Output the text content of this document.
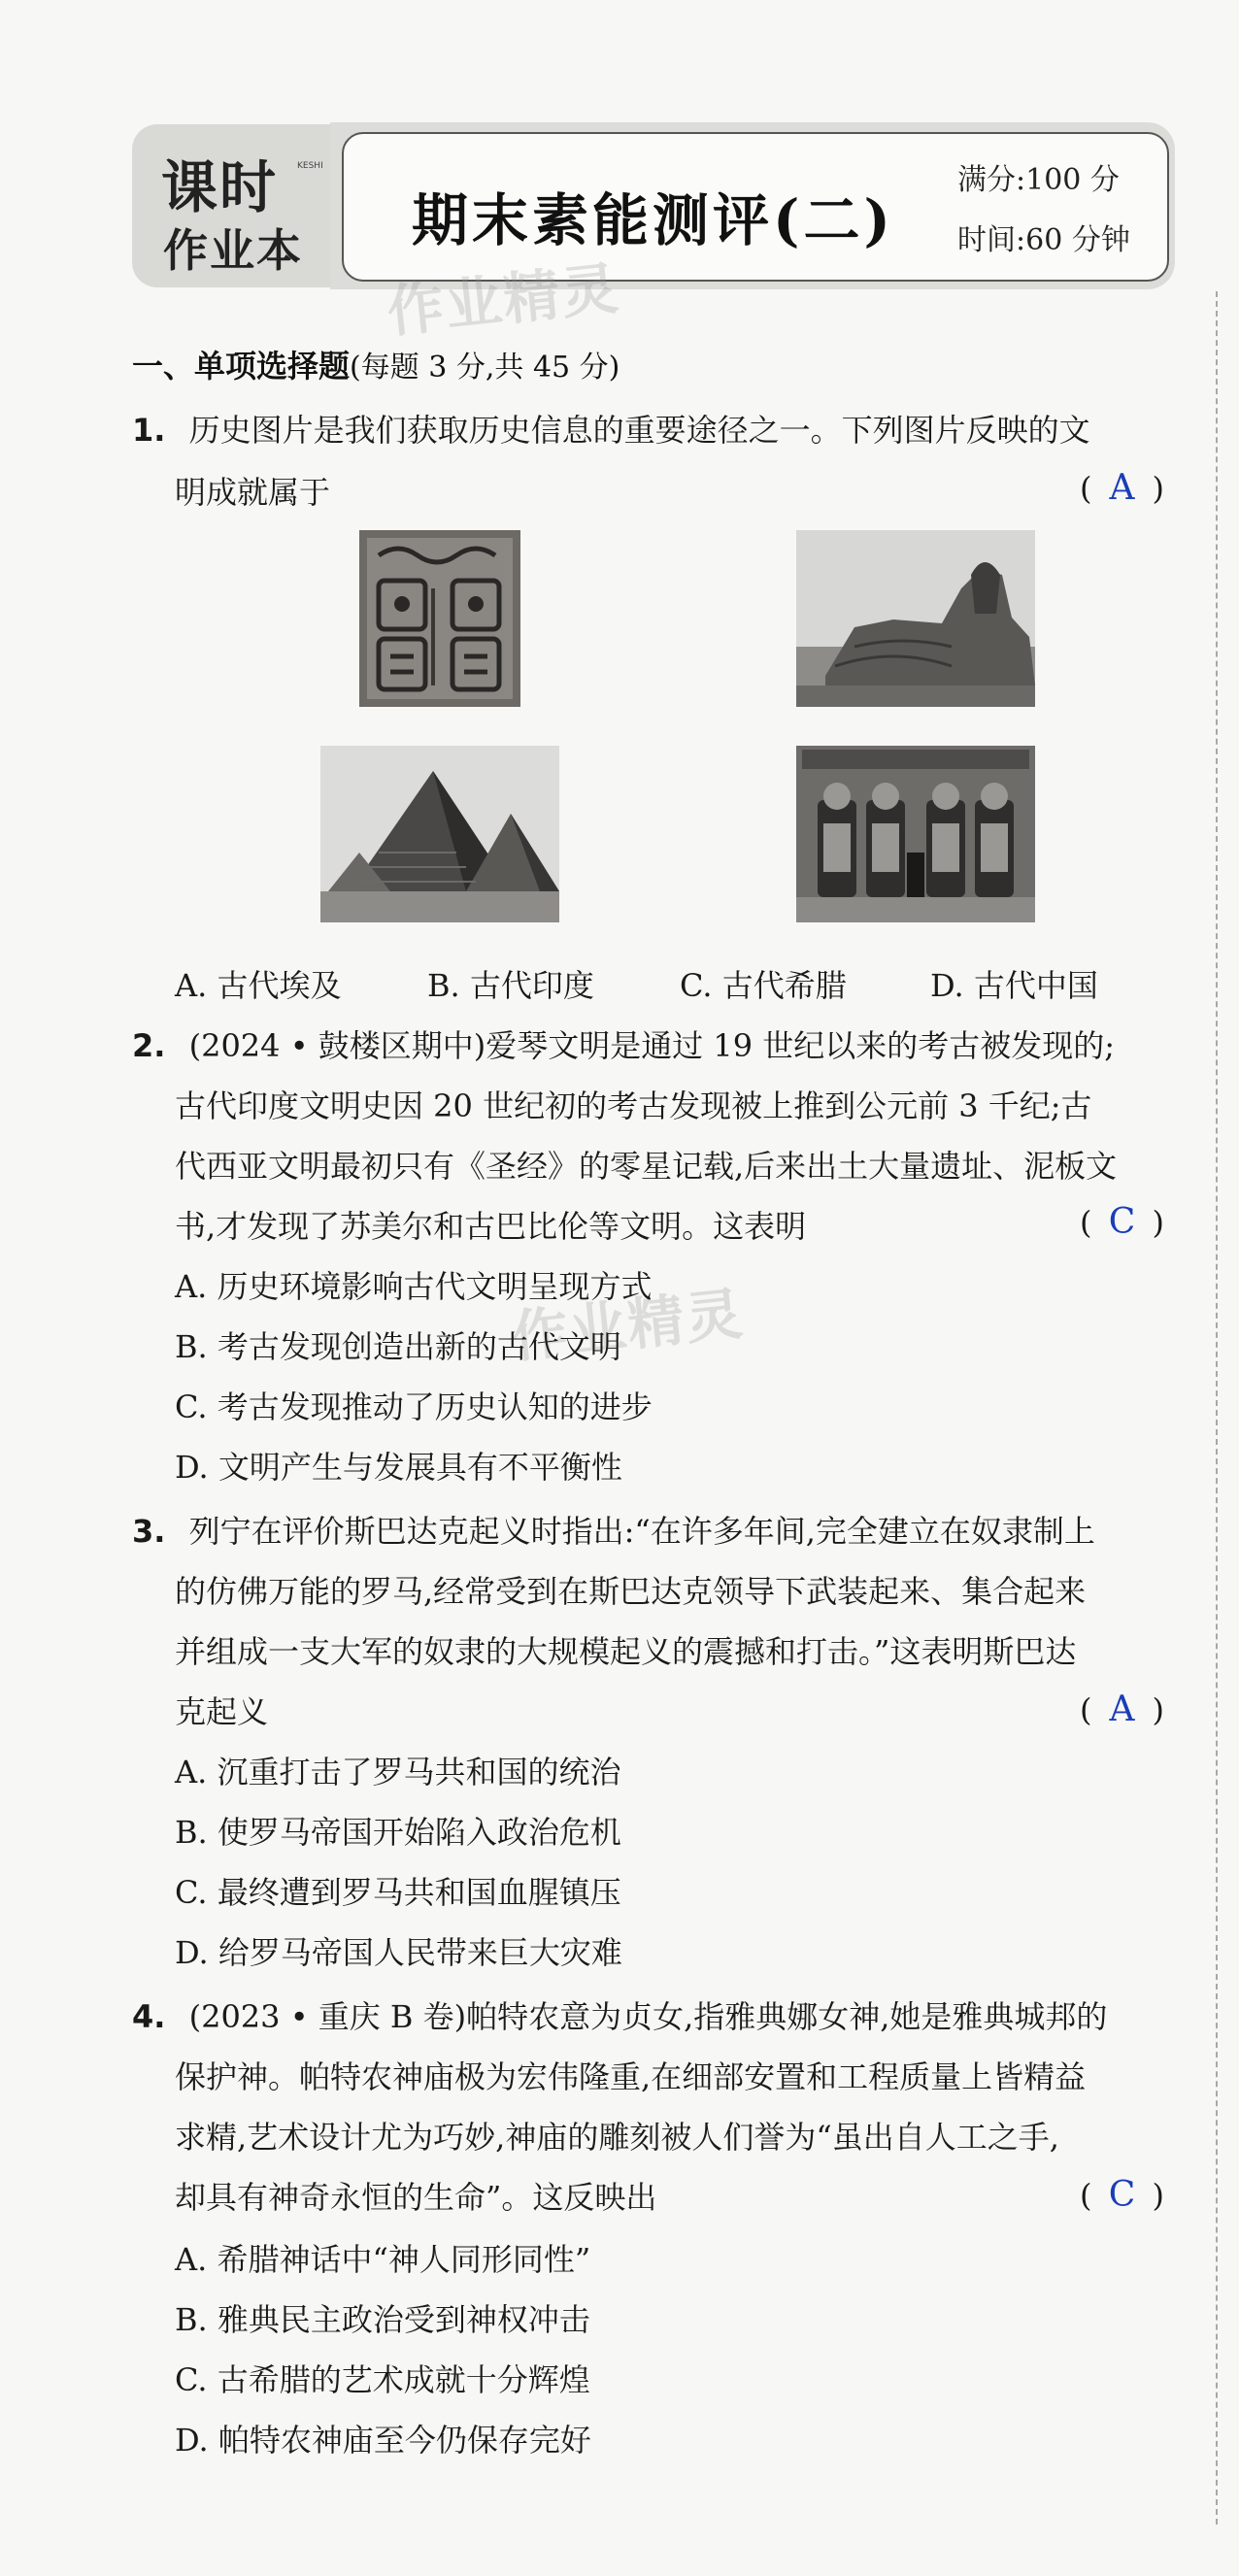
课时 KESHI
作业本 期末素能测评(二)
满分:100 分
时间:60 分钟
作业精灵
作业精灵
一、单项选择题(每题 3 分,共 45 分)
1. 历史图片是我们获取历史信息的重要途径之一。下列图片反映的文
明成就属于	( A )
A. 古代埃及	B. 古代印度	C. 古代希腊	D. 古代中国
2. (2024 • 鼓楼区期中)爱琴文明是通过 19 世纪以来的考古被发现的;
古代印度文明史因 20 世纪初的考古发现被上推到公元前 3 千纪;古
代西亚文明最初只有《圣经》的零星记载,后来出土大量遗址、泥板文
书,才发现了苏美尔和古巴比伦等文明。这表明	( C )
A. 历史环境影响古代文明呈现方式
B. 考古发现创造出新的古代文明
C. 考古发现推动了历史认知的进步
D. 文明产生与发展具有不平衡性
3. 列宁在评价斯巴达克起义时指出:“在许多年间,完全建立在奴隶制上
的仿佛万能的罗马,经常受到在斯巴达克领导下武装起来、集合起来
并组成一支大军的奴隶的大规模起义的震撼和打击。”这表明斯巴达
克起义	( A )
A. 沉重打击了罗马共和国的统治
B. 使罗马帝国开始陷入政治危机
C. 最终遭到罗马共和国血腥镇压
D. 给罗马帝国人民带来巨大灾难
4. (2023 • 重庆 B 卷)帕特农意为贞女,指雅典娜女神,她是雅典城邦的
保护神。帕特农神庙极为宏伟隆重,在细部安置和工程质量上皆精益
求精,艺术设计尤为巧妙,神庙的雕刻被人们誉为“虽出自人工之手,
却具有神奇永恒的生命”。这反映出	( C )
A. 希腊神话中“神人同形同性”
B. 雅典民主政治受到神权冲击
C. 古希腊的艺术成就十分辉煌
D. 帕特农神庙至今仍保存完好
